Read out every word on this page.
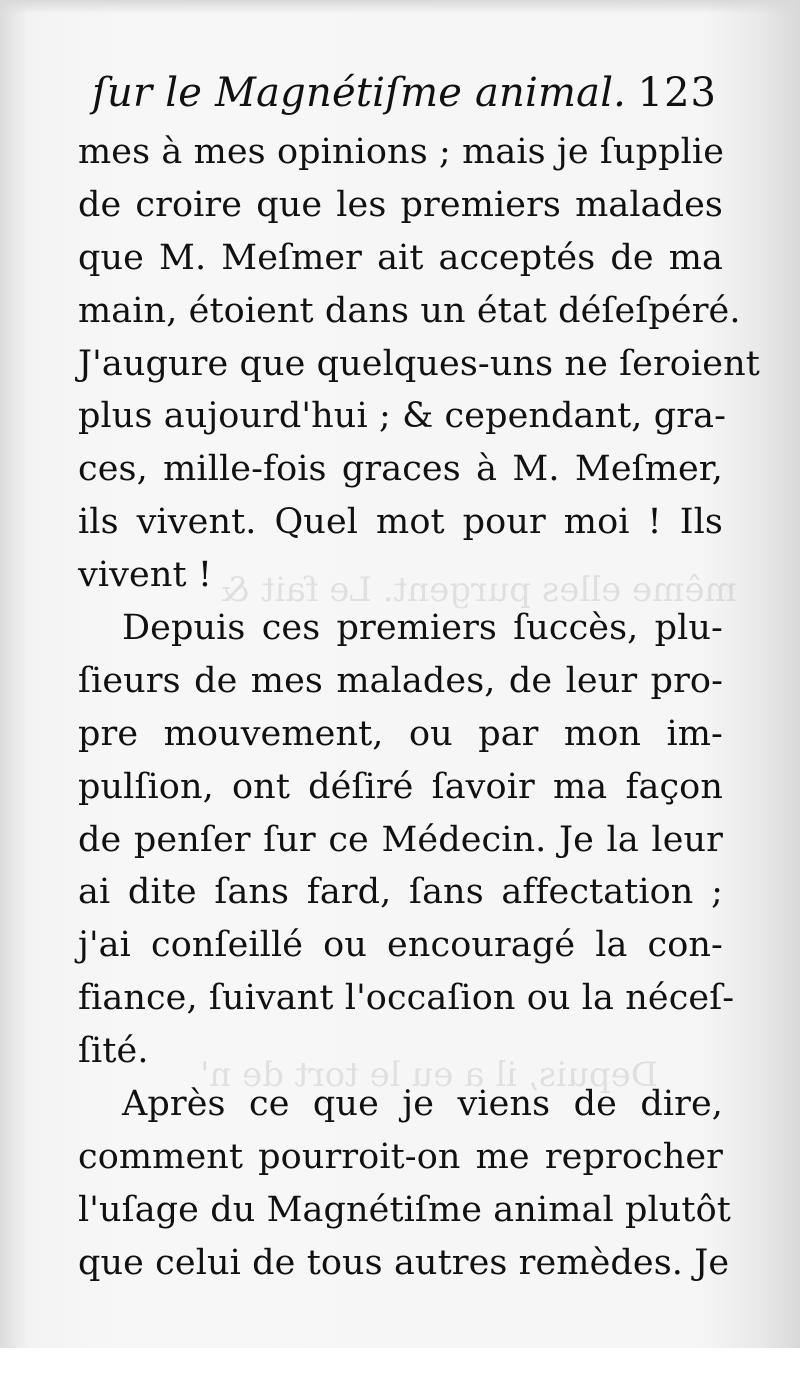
même elles purgent. Le fait &
Depuis, il a eu le tort de n'
ſur le Magnétiſme animal. 123
mes à mes opinions ; mais je ſupplie
de croire que les premiers malades
que M. Meſmer ait acceptés de ma
main, étoient dans un état déſeſpéré.
J'augure que quelques-uns ne ſeroient
plus aujourd'hui ; & cependant, gra-
ces, mille-fois graces à M. Meſmer,
ils vivent. Quel mot pour moi ! Ils
vivent !
Depuis ces premiers ſuccès, plu-
ſieurs de mes malades, de leur pro-
pre mouvement, ou par mon im-
pulſion, ont déſiré ſavoir ma façon
de penſer ſur ce Médecin. Je la leur
ai dite ſans fard, ſans affectation ;
j'ai conſeillé ou encouragé la con-
fiance, ſuivant l'occaſion ou la néceſ-
ſité.
Après ce que je viens de dire,
comment pourroit-on me reprocher
l'uſage du Magnétiſme animal plutôt
que celui de tous autres remèdes. Je
